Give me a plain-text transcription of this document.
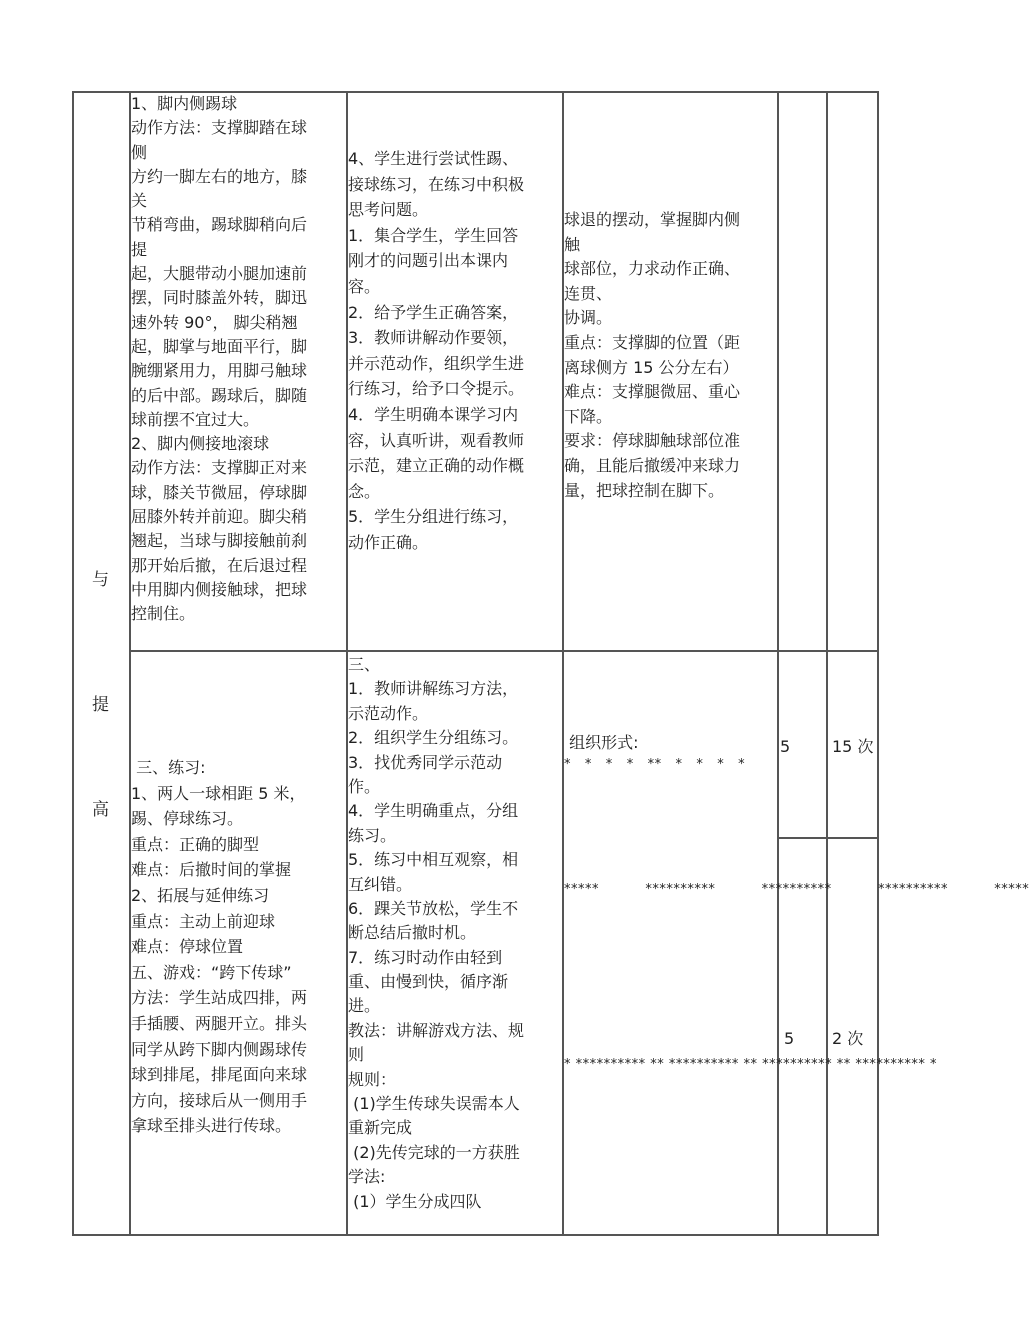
与
提
高
1、脚内侧踢球
动作方法：支撑脚踏在球
侧
方约一脚左右的地方，膝
关
节稍弯曲，踢球脚稍向后
提
起，大腿带动小腿加速前
摆，同时膝盖外转，脚迅
速外转 90°， 脚尖稍翘
起，脚掌与地面平行，脚
腕绷紧用力，用脚弓触球
的后中部。踢球后，脚随
球前摆不宜过大。
2、脚内侧接地滚球
动作方法：支撑脚正对来
球，膝关节微屈，停球脚
屈膝外转并前迎。脚尖稍
翘起，当球与脚接触前刹
那开始后撤，在后退过程
中用脚内侧接触球，把球
控制住。
4、学生进行尝试性踢、
接球练习，在练习中积极
思考问题。
1．集合学生，学生回答
刚才的问题引出本课内
容。
2．给予学生正确答案，
3．教师讲解动作要领，
并示范动作，组织学生进
行练习，给予口令提示。
4．学生明确本课学习内
容，认真听讲，观看教师
示范，建立正确的动作概
念。
5．学生分组进行练习，
动作正确。
球退的摆动，掌握脚内侧
触
球部位，力求动作正确、
连贯、
协调。
重点：支撑脚的位置（距
离球侧方 15 公分左右）
难点：支撑腿微屈、重心
下降。
要求：停球脚触球部位准
确，且能后撤缓冲来球力
量，把球控制在脚下。
三、练习:
1、两人一球相距 5 米，
踢、停球练习。
重点：正确的脚型
难点：后撤时间的掌握
2、拓展与延伸练习
重点：主动上前迎球
难点：停球位置
五、游戏：“跨下传球”
方法：学生站成四排，两
手插腰、两腿开立。排头
同学从跨下脚内侧踢球传
球到排尾，排尾面向来球
方向，接球后从一侧用手
拿球至排头进行传球。
三、
1．教师讲解练习方法，
示范动作。
2．组织学生分组练习。
3．找优秀同学示范动
作。
4．学生明确重点，分组
练习。
5．练习中相互观察，相
互纠错。
6．踝关节放松，学生不
断总结后撤时机。
7．练习时动作由轻到
重、由慢到快，循序渐
进。
教法：讲解游戏方法、规
则
规则：
(1)学生传球失误需本人
重新完成
(2)先传完球的一方获胜
学法:
(1）学生分成四队
组织形式:
*   *   *   *   **   *   *   *   *
*****          **********          **********          **********          *****
* ********** ** ********** ** ********** ** ********** *
5	15 次
5 2 次
